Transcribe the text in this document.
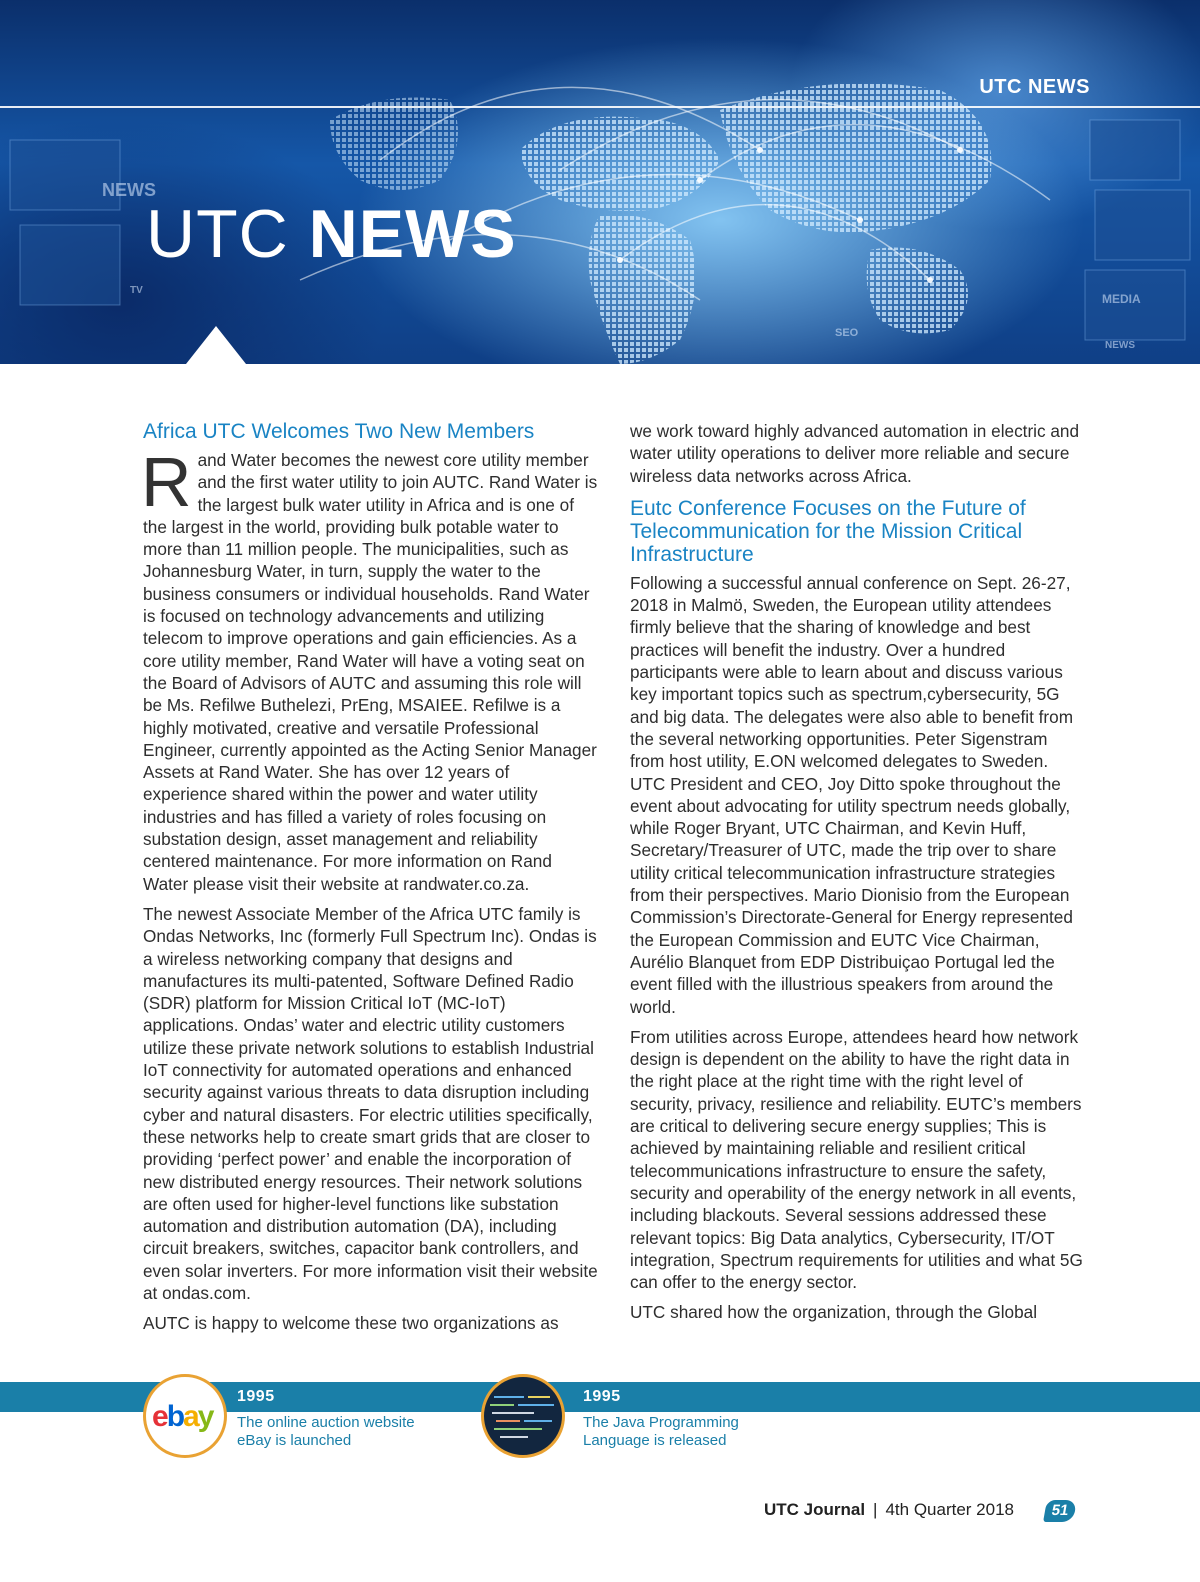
NEWS
MEDIA
NEWS
TV
SEO
UTC NEWS
UTC NEWS
Africa UTC Welcomes Two New Members

Rand Water becomes the newest core utility member and the first water utility to join AUTC. Rand Water is the largest bulk water utility in Africa and is one of the largest in the world, providing bulk potable water to more than 11 million people. The municipalities, such as Johannesburg Water, in turn, supply the water to the business consumers or individual households. Rand Water is focused on technology advancements and utilizing telecom to improve operations and gain efficiencies. As a core utility member, Rand Water will have a voting seat on the Board of Advisors of AUTC and assuming this role will be Ms. Refilwe Buthelezi, PrEng, MSAIEE. Refilwe is a highly motivated, creative and versatile Professional Engineer, currently appointed as the Acting Senior Manager Assets at Rand Water. She has over 12 years of experience shared within the power and water utility industries and has filled a variety of roles focusing on substation design, asset management and reliability centered maintenance. For more information on Rand Water please visit their website at randwater.co.za.

The newest Associate Member of the Africa UTC family is Ondas Networks, Inc (formerly Full Spectrum Inc). Ondas is a wireless networking company that designs and manufactures its multi-patented, Software Defined Radio (SDR) platform for Mission Critical IoT (MC-IoT) applications. Ondas’ water and electric utility customers utilize these private network solutions to establish Industrial IoT connectivity for automated operations and enhanced security against various threats to data disruption including cyber and natural disasters. For electric utilities specifically, these networks help to create smart grids that are closer to providing ‘perfect power’ and enable the incorporation of new distributed energy resources. Their network solutions are often used for higher-level functions like substation automation and distribution automation (DA), including circuit breakers, switches, capacitor bank controllers, and even solar inverters. For more information visit their website at ondas.com.

AUTC is happy to welcome these two organizations as

we work toward highly advanced automation in electric and water utility operations to deliver more reliable and secure wireless data networks across Africa.

Eutc Conference Focuses on the Future of Telecommunication for the Mission Critical Infrastructure

Following a successful annual conference on Sept. 26-27, 2018 in Malmö, Sweden, the European utility attendees firmly believe that the sharing of knowledge and best practices will benefit the industry. Over a hundred participants were able to learn about and discuss various key important topics such as spectrum,cybersecurity, 5G and big data. The delegates were also able to benefit from the several networking opportunities. Peter Sigenstram from host utility, E.ON welcomed delegates to Sweden. UTC President and CEO, Joy Ditto spoke throughout the event about advocating for utility spectrum needs globally, while Roger Bryant, UTC Chairman, and Kevin Huff, Secretary/Treasurer of UTC, made the trip over to share utility critical telecommunication infrastructure strategies from their perspectives. Mario Dionisio from the European Commission’s Directorate-General for Energy represented the European Commission and EUTC Vice Chairman, Aurélio Blanquet from EDP Distribuiçao Portugal led the event filled with the illustrious speakers from around the world.

From utilities across Europe, attendees heard how network design is dependent on the ability to have the right data in the right place at the right time with the right level of security, privacy, resilience and reliability. EUTC’s members are critical to delivering secure energy supplies; This is achieved by maintaining reliable and resilient critical telecommunications infrastructure to ensure the safety, security and operability of the energy network in all events, including blackouts. Several sessions addressed these relevant topics: Big Data analytics, Cybersecurity, IT/OT integration, Spectrum requirements for utilities and what 5G can offer to the energy sector.

UTC shared how the organization, through the Global

ebay
1995
The online auction website
eBay is launched
1995
The Java Programming
Language is released
UTC Journal | 4th Quarter 2018	51
